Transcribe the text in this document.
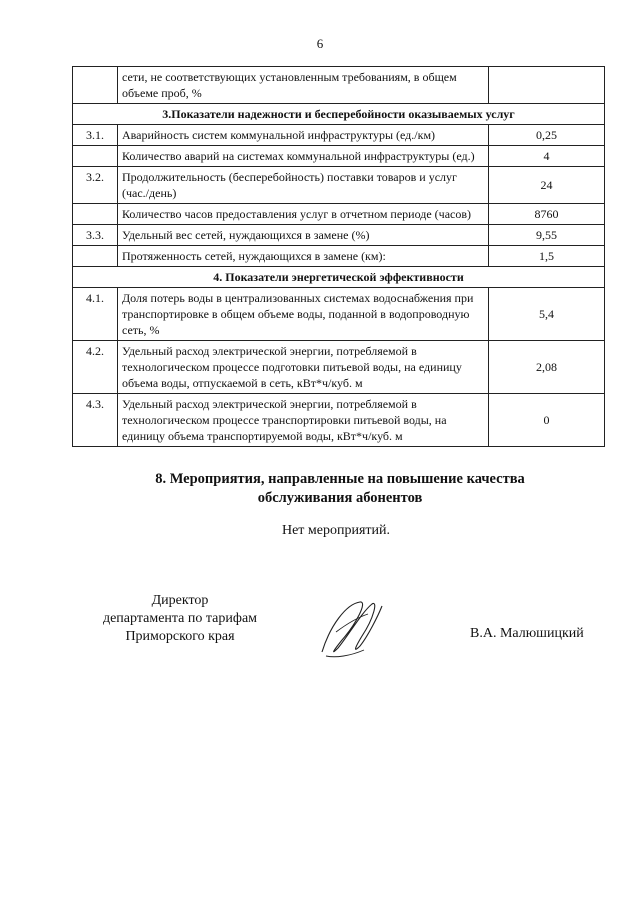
6
	сети, не соответствующих установленным требованиям, в общем объеме проб, %	
3.Показатели надежности и бесперебойности оказываемых услуг		
3.1.	Аварийность систем коммунальной инфраструктуры (ед./км)	0,25
	Количество аварий на системах коммунальной инфраструктуры (ед.)	4
3.2.	Продолжительность (бесперебойность) поставки товаров и услуг (час./день)	24
	Количество часов предоставления услуг в отчетном периоде (часов)	8760
3.3.	Удельный вес сетей, нуждающихся в замене (%)	9,55
	Протяженность сетей, нуждающихся в замене (км):	1,5
4. Показатели энергетической эффективности		
4.1.	Доля потерь воды в централизованных системах водоснабжения при транспортировке в общем объеме воды, поданной в водопроводную сеть, %	5,4
4.2.	Удельный расход электрической энергии, потребляемой в технологическом процессе подготовки питьевой воды, на единицу объема воды, отпускаемой в сеть, кВт*ч/куб. м	2,08
4.3.	Удельный расход электрической энергии, потребляемой в технологическом процессе транспортировки питьевой воды, на единицу объема транспортируемой воды, кВт*ч/куб. м	0
8. Мероприятия, направленные на повышение качества
обслуживания абонентов
Нет мероприятий.
Директор
департамента по тарифам
Приморского края	В.А. Малюшицкий
